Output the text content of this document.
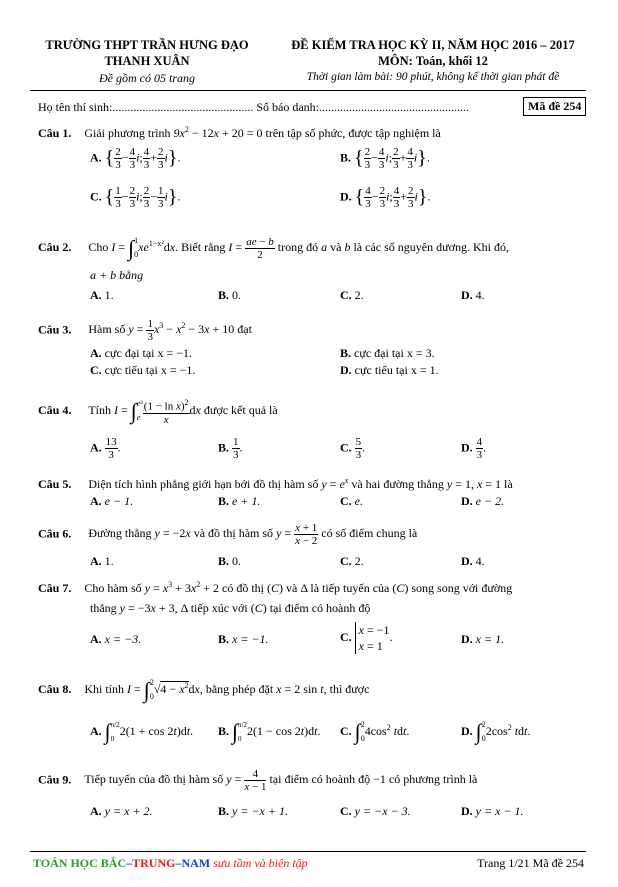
TRƯỜNG THPT TRẦN HƯNG ĐẠO
THANH XUÂN
Đề gồm có 05 trang
ĐỀ KIỂM TRA HỌC KỲ II, NĂM HỌC 2016 – 2017
MÔN: Toán, khối 12
Thời gian làm bài: 90 phút, không kể thời gian phát đề
Họ tên thí sinh:............................................... Số báo danh:..................................................	Mã đề 254
Câu 1. Giải phương trình $9x^2 - 12x + 20 = 0$ trên tập số phức, được tập nghiệm là
A. { $\frac{2}{3} - \frac{4}{3} i$; $\frac{4}{3} + \frac{2}{3} i$}.	B. { $\frac{2}{3} - \frac{4}{3} i$; $\frac{2}{3} + \frac{4}{3} i$}.
C. { $\frac{1}{3} - \frac{2}{3} i$; $\frac{2}{3} - \frac{1}{3} i$}.	D. { $\frac{4}{3} - \frac{2}{3} i$; $\frac{4}{3} + \frac{2}{3} i$}.
Câu 2. Cho I = ∫1
$0xe^{1-x^2}dx$. Biết rằng $I = \frac{ae - b}{2}$ trong đó a và b là các số nguyên dương. Khi đó,
a + b bằng
A. 1.	B. 0.	C. 2.	D. 4.
Câu 3. Hàm số $y = \frac{1}{3} x^3 - x^2 - 3x + 10$ đạt
A. cực đại tại x = −1.	B. cực đại tại x = 3.
C. cực tiểu tại x = −1.	D. cực tiểu tại x = 1.
Câu 4. Tính I = ∫e²
e $\frac{(1 - \ln x)^2}{x}$ dx được kết quả là
A. $\frac{13}{3}$ .	B. $\frac{1}{3}$ .	C. $\frac{5}{3}$ .	D. $\frac{4}{3}$ .
Câu 5. Diện tích hình phẳng giới hạn bởi đồ thị hàm số $y = e^x$ và hai đường thẳng y = 1, x = 1 là
A. e − 1.	B. e + 1.	C. e.	D. e − 2.
Câu 6. Đường thẳng y = −2x và đồ thị hàm số $y = \frac{x + 1}{x - 2}$ có số điểm chung là
A. 1.	B. 0.	C. 2.	D. 4.
Câu 7. Cho hàm số $y = x^3 + 3x^2 + 2$ có đồ thị (C) và Δ là tiếp tuyến của (C) song song với đường
thẳng y = −3x + 3, Δ tiếp xúc với (C) tại điểm có hoành độ
A. x = −3.	B. x = −1.	C. x = −1
x = 1.	D. x = 1.
Câu 8. Khi tính I = ∫2
$0√4 - x^2dx$, bằng phép đặt x = 2 sin t, thì được
A. ∫π/2
02(1 + cos 2t)dt. B. ∫π/2
02(1 − cos 2t)dt. C. ∫2
$04\cos^2$ tdt.	D. ∫2
$02\cos^2$ tdt.
Câu 9. Tiếp tuyến của đồ thị hàm số $y = \frac{4}{x - 1}$ tại điểm có hoành độ −1 có phương trình là
A. y = x + 2.	B. y = −x + 1.	C. y = −x − 3.	D. y = x − 1.
TOÁN HỌC BẮC–TRUNG–NAM sưu tầm và biên tập	Trang 1/21 Mã đề 254
